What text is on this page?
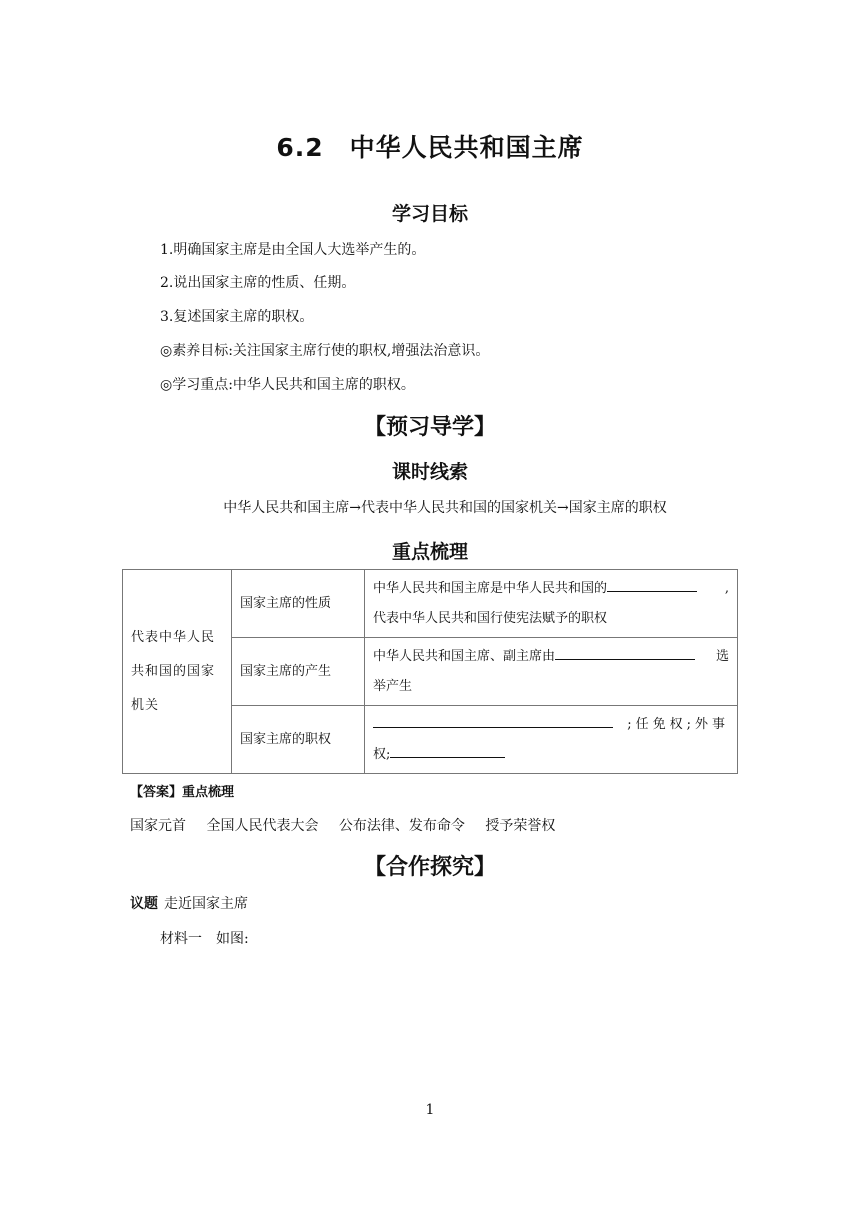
6.2　中华人民共和国主席
学习目标
1.明确国家主席是由全国人大选举产生的。
2.说出国家主席的性质、任期。
3.复述国家主席的职权。
◎素养目标:关注国家主席行使的职权,增强法治意识。
◎学习重点:中华人民共和国主席的职权。
【预习导学】
课时线索
中华人民共和国主席→代表中华人民共和国的国家机关→国家主席的职权
重点梳理
代表中华人民共和国的国家机关	国家主席的性质	中华人民共和国主席是中华人民共和国的 ,
代表中华人民共和国行使宪法赋予的职权

	国家主席的产生	中华人民共和国主席、副主席由 选
举产生

	国家主席的职权	;任免权;外事
权;
【答案】重点梳理
国家元首 全国人民代表大会 公布法律、发布命令 授予荣誉权
【合作探究】
议题 走近国家主席
材料一 如图:
1
